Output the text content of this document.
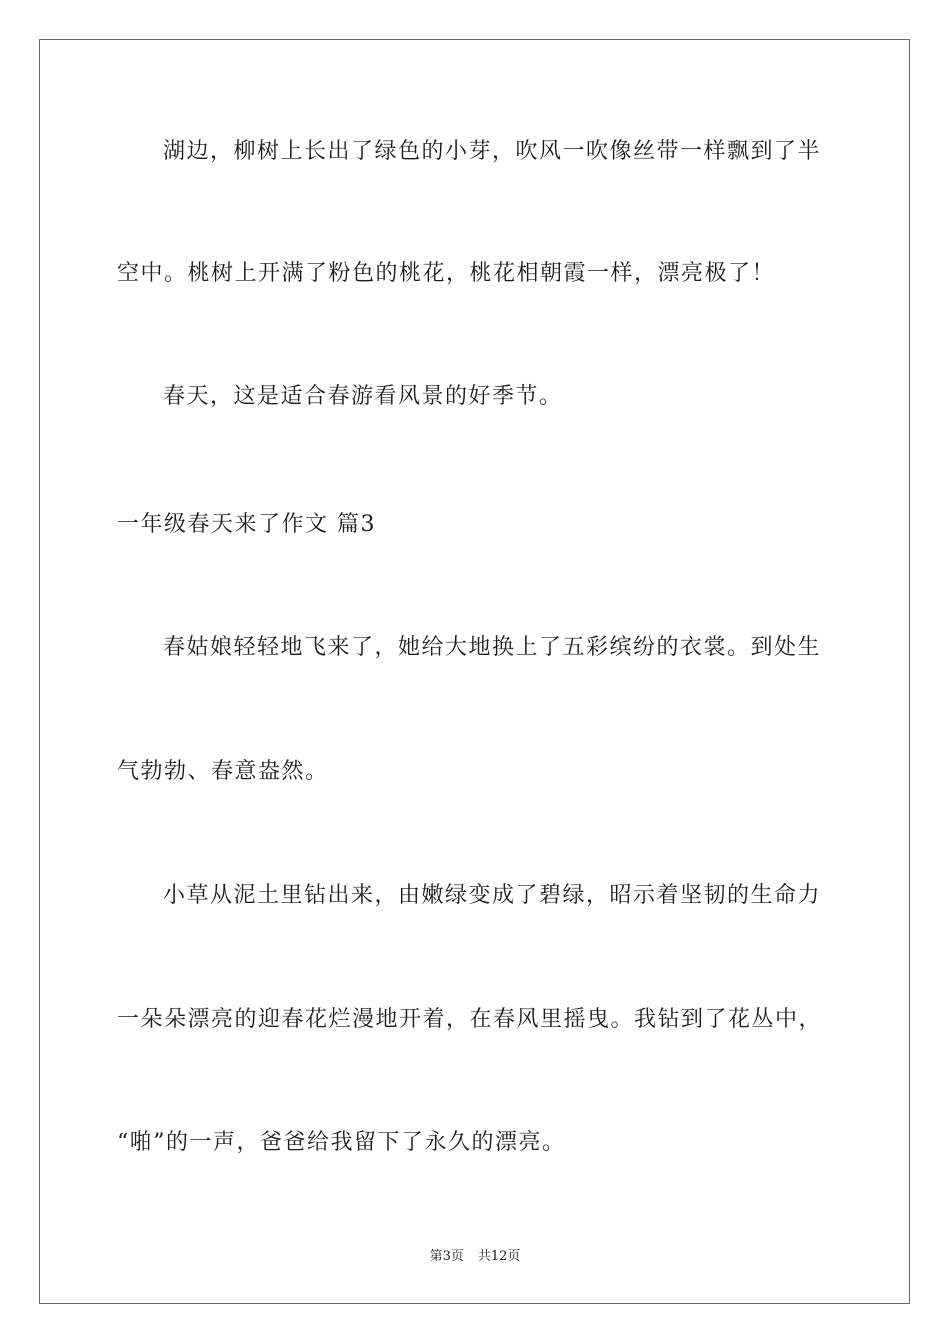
湖边，柳树上长出了绿色的小芽，吹风一吹像丝带一样飘到了半
空中。桃树上开满了粉色的桃花，桃花相朝霞一样，漂亮极了！
春天，这是适合春游看风景的好季节。
一年级春天来了作文 篇3
春姑娘轻轻地飞来了，她给大地换上了五彩缤纷的衣裳。到处生
气勃勃、春意盎然。
小草从泥土里钻出来，由嫩绿变成了碧绿，昭示着坚韧的生命力
一朵朵漂亮的迎春花烂漫地开着，在春风里摇曳。我钻到了花丛中，
“啪”的一声，爸爸给我留下了永久的漂亮。
第3页 共12页
